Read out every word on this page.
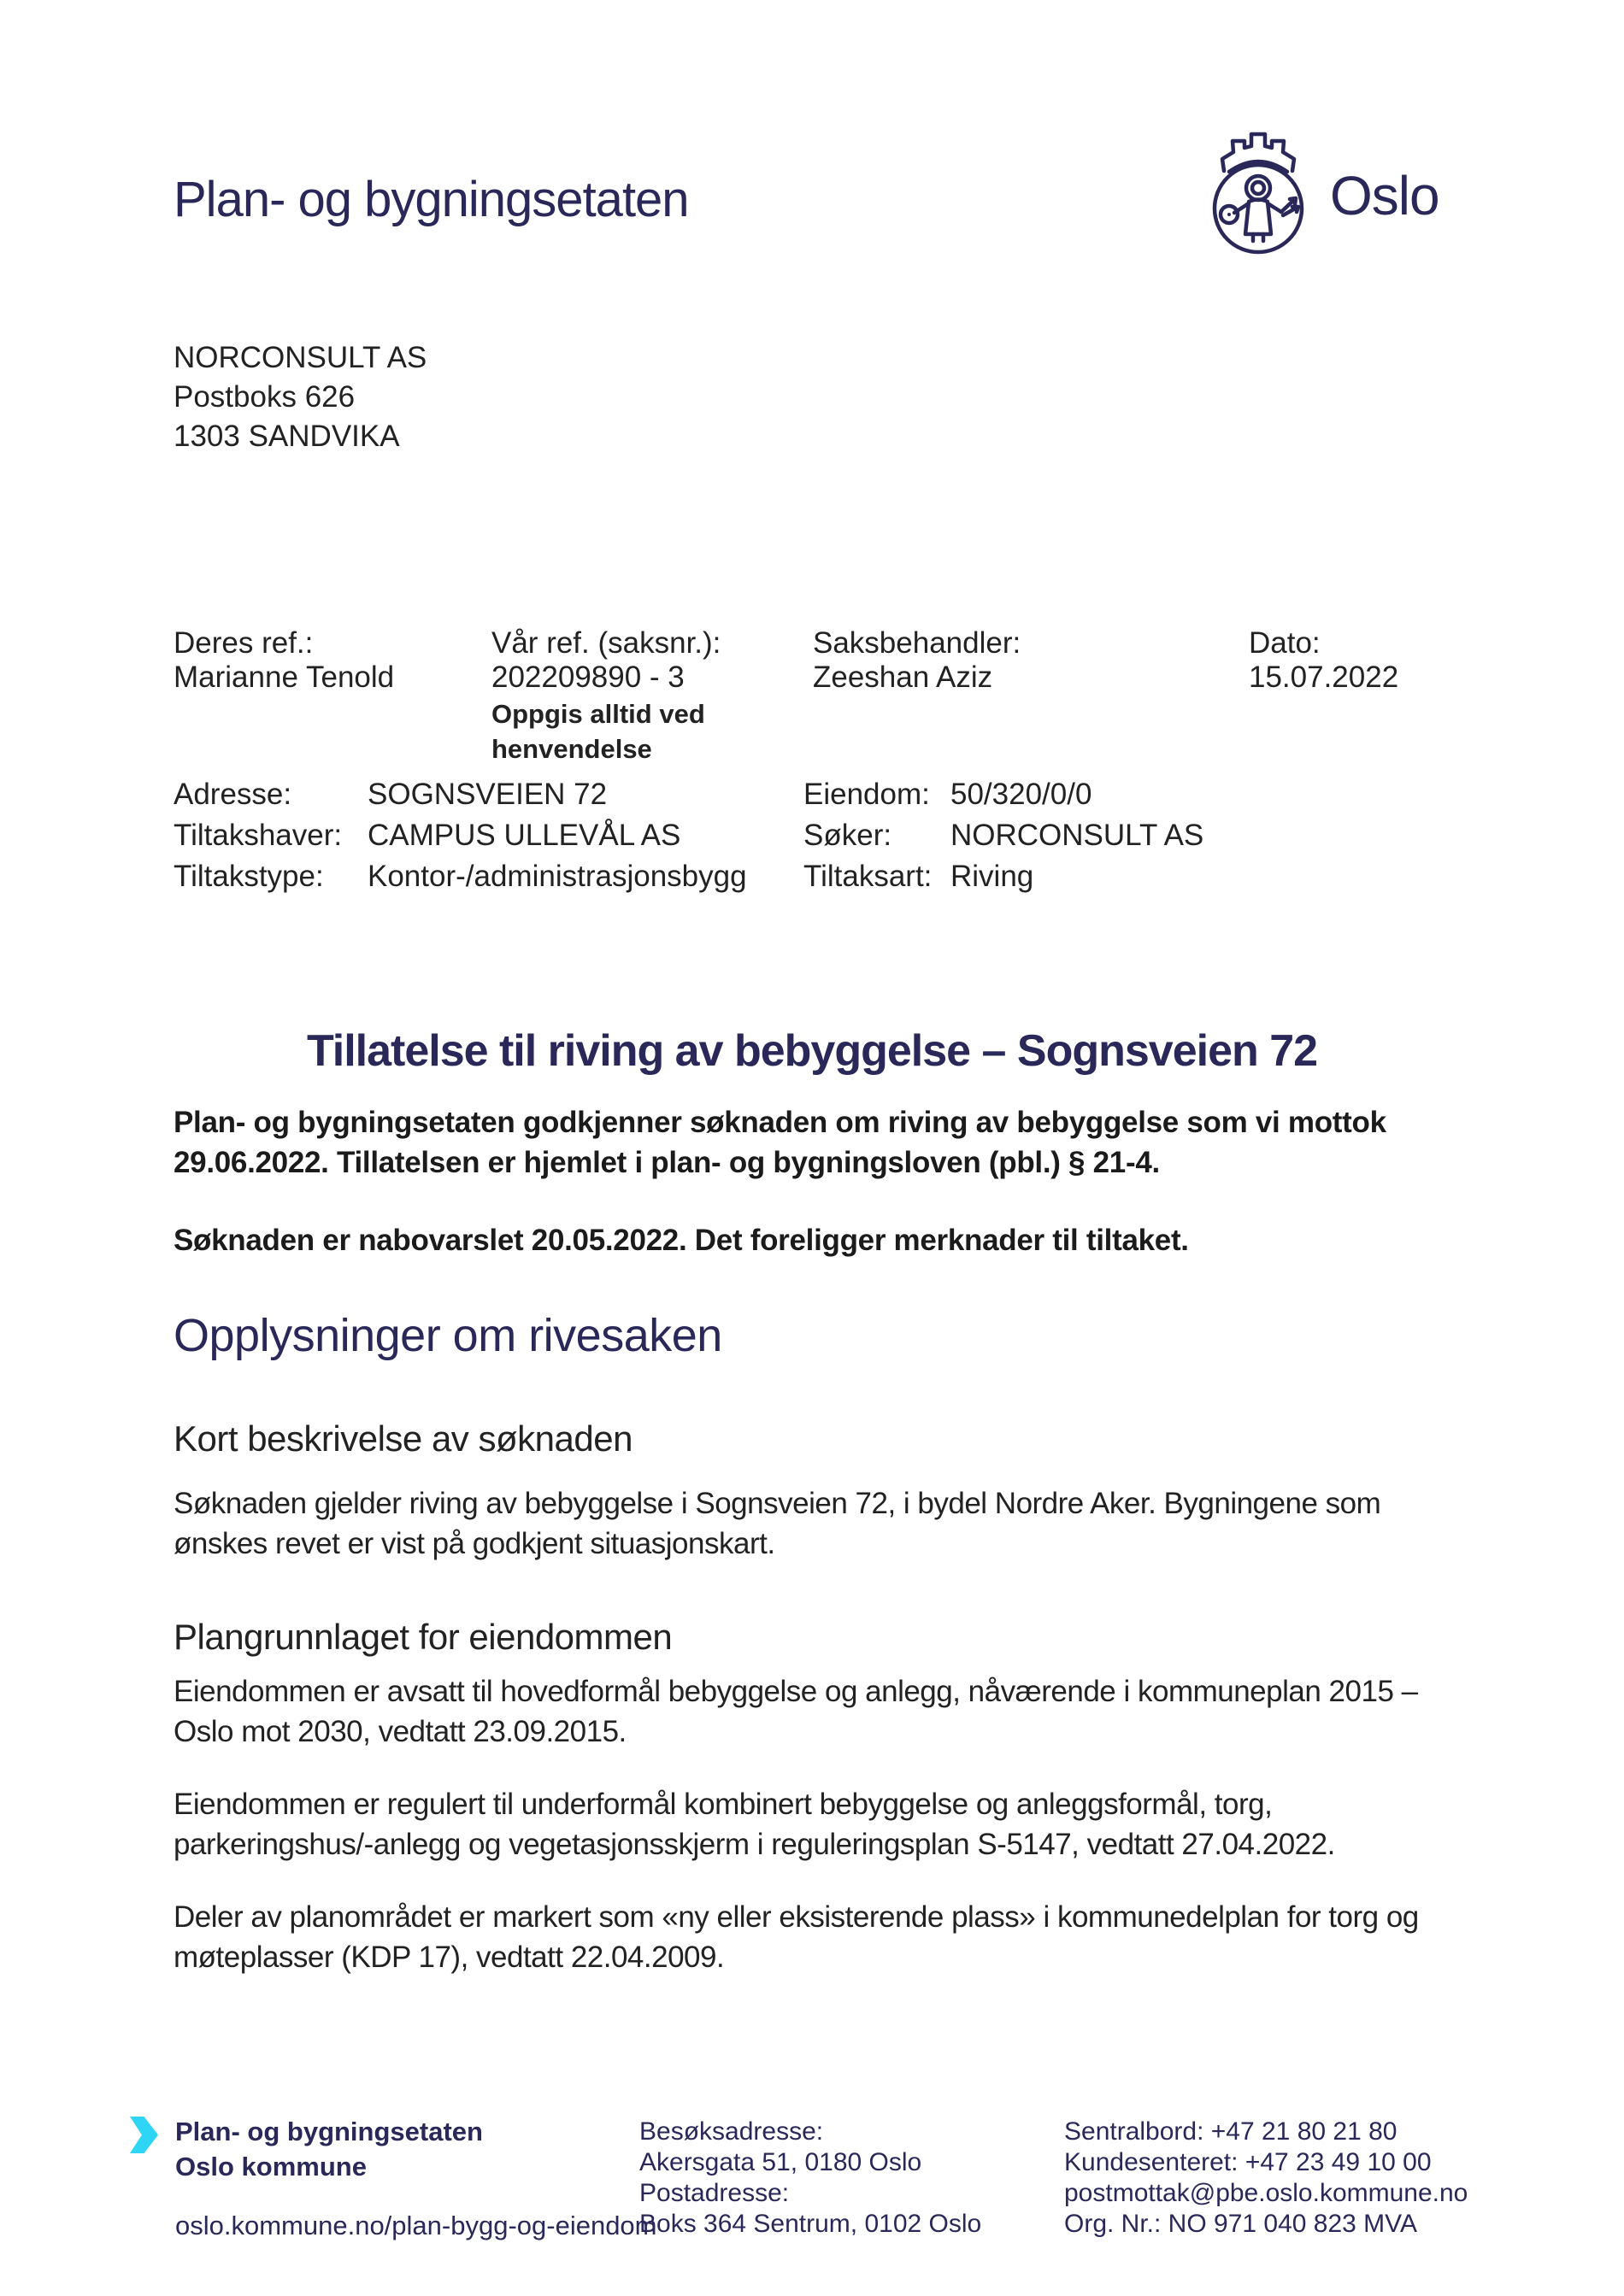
Plan- og bygningsetaten	Oslo
NORCONSULT AS
Postboks 626
1303 SANDVIKA
Deres ref.:
Marianne Tenold
Vår ref. (saksnr.):
202209890 - 3
Oppgis alltid ved henvendelse
Saksbehandler:
Zeeshan Aziz
Dato: 15.07.2022
Adresse:	SOGNSVEIEN 72
Tiltakshaver: CAMPUS ULLEVÅL AS
Tiltakstype:	Kontor-/administrasjonsbygg
Eiendom: 50/320/0/0
Søker:	NORCONSULT AS
Tiltaksart: Riving
Tillatelse til riving av bebyggelse – Sognsveien 72
Plan- og bygningsetaten godkjenner søknaden om riving av bebyggelse som vi mottok 29.06.2022. Tillatelsen er hjemlet i plan- og bygningsloven (pbl.) § 21-4.
Søknaden er nabovarslet 20.05.2022. Det foreligger merknader til tiltaket.
Opplysninger om rivesaken
Kort beskrivelse av søknaden
Søknaden gjelder riving av bebyggelse i Sognsveien 72, i bydel Nordre Aker. Bygningene som ønskes revet er vist på godkjent situasjonskart.
Plangrunnlaget for eiendommen
Eiendommen er avsatt til hovedformål bebyggelse og anlegg, nåværende i kommuneplan 2015 – Oslo mot 2030, vedtatt 23.09.2015.
Eiendommen er regulert til underformål kombinert bebyggelse og anleggsformål, torg, parkeringshus/-anlegg og vegetasjonsskjerm i reguleringsplan S-5147, vedtatt 27.04.2022.
Deler av planområdet er markert som «ny eller eksisterende plass» i kommunedelplan for torg og møteplasser (KDP 17), vedtatt 22.04.2009.
Plan- og bygningsetaten
Oslo kommune
oslo.kommune.no/plan-bygg-og-eiendom
Besøksadresse:
Akersgata 51, 0180 Oslo
Postadresse:
Boks 364 Sentrum, 0102 Oslo
Sentralbord: +47 21 80 21 80
Kundesenteret: +47 23 49 10 00
postmottak@pbe.oslo.kommune.no
Org. Nr.: NO 971 040 823 MVA
